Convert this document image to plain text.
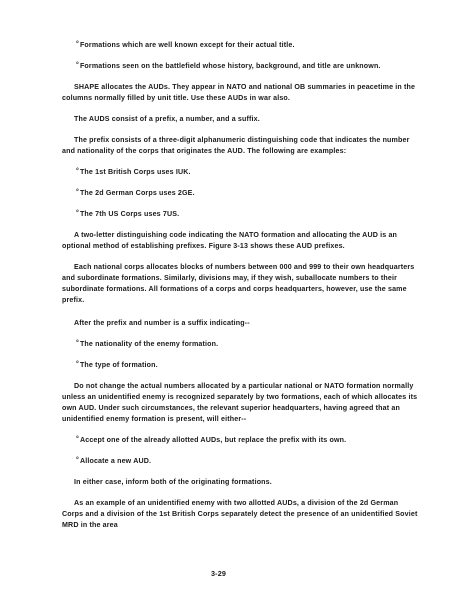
° Formations which are well known except for their actual title.
° Formations seen on the battlefield whose history, background, and title are unknown.
SHAPE allocates the AUDs. They appear in NATO and national OB summaries in peacetime in the columns normally filled by unit title. Use these AUDs in war also.
The AUDS consist of a prefix, a number, and a suffix.
The prefix consists of a three-digit alphanumeric distinguishing code that indicates the number and nationality of the corps that originates the AUD. The following are examples:
° The 1st British Corps uses IUK.
° The 2d German Corps uses 2GE.
° The 7th US Corps uses 7US.
A two-letter distinguishing code indicating the NATO formation and allocating the AUD is an optional method of establishing prefixes. Figure 3-13 shows these AUD prefixes.
Each national corps allocates blocks of numbers between 000 and 999 to their own headquarters and subordinate formations. Similarly, divisions may, if they wish, suballocate numbers to their subordinate formations. All formations of a corps and corps headquarters, however, use the same prefix.
After the prefix and number is a suffix indicating--
° The nationality of the enemy formation.
° The type of formation.
Do not change the actual numbers allocated by a particular national or NATO formation normally unless an unidentified enemy is recognized separately by two formations, each of which allocates its own AUD. Under such circumstances, the relevant superior headquarters, having agreed that an unidentified enemy formation is present, will either--
° Accept one of the already allotted AUDs, but replace the prefix with its own.
° Allocate a new AUD.
In either case, inform both of the originating formations.
As an example of an unidentified enemy with two allotted AUDs, a division of the 2d German Corps and a division of the 1st British Corps separately detect the presence of an unidentified Soviet MRD in the area
3-29
